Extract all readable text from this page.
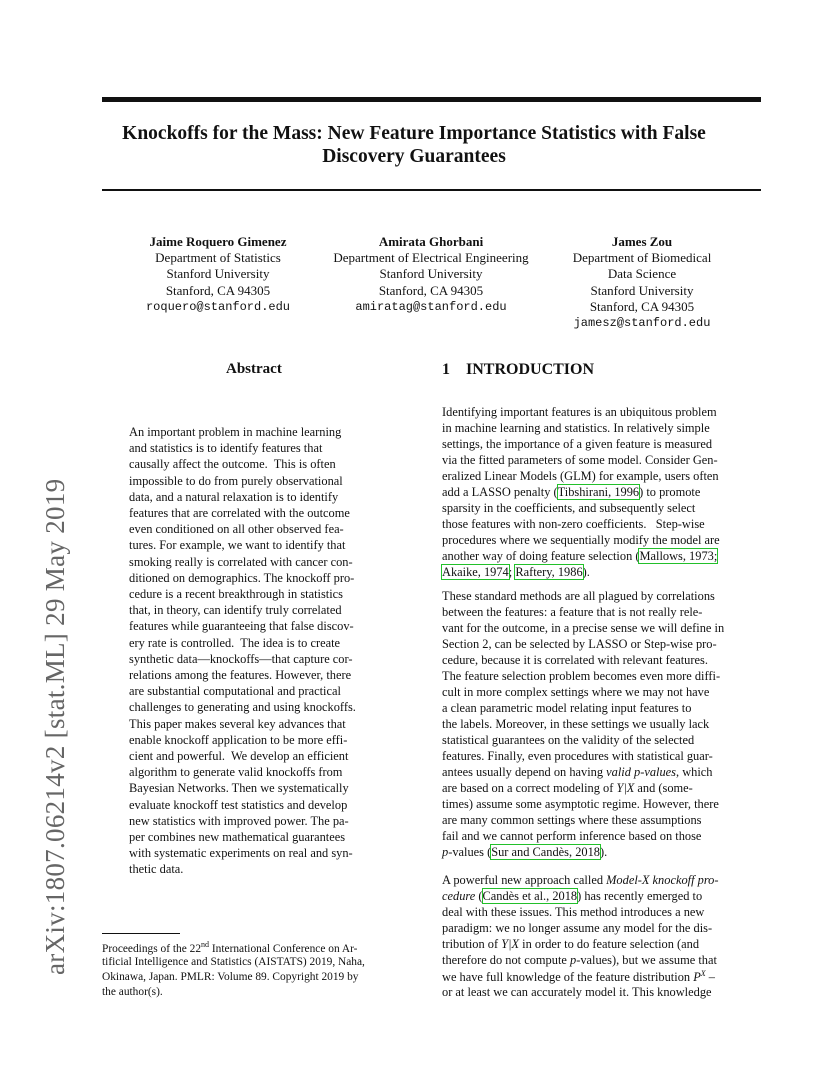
arXiv:1807.06214v2 [stat.ML] 29 May 2019
Knockoffs for the Mass: New Feature Importance Statistics with False
Discovery Guarantees
Jaime Roquero Gimenez
Department of Statistics
Stanford University
Stanford, CA 94305
roquero@stanford.edu
Amirata Ghorbani
Department of Electrical Engineering
Stanford University
Stanford, CA 94305
amiratag@stanford.edu
James Zou
Department of Biomedical
Data Science
Stanford University
Stanford, CA 94305
jamesz@stanford.edu
Abstract
An important problem in machine learning
and statistics is to identify features that
causally affect the outcome.  This is often
impossible to do from purely observational
data, and a natural relaxation is to identify
features that are correlated with the outcome
even conditioned on all other observed fea-
tures. For example, we want to identify that
smoking really is correlated with cancer con-
ditioned on demographics. The knockoff pro-
cedure is a recent breakthrough in statistics
that, in theory, can identify truly correlated
features while guaranteeing that false discov-
ery rate is controlled.  The idea is to create
synthetic data—knockoffs—that capture cor-
relations among the features. However, there
are substantial computational and practical
challenges to generating and using knockoffs.
This paper makes several key advances that
enable knockoff application to be more effi-
cient and powerful.  We develop an efficient
algorithm to generate valid knockoffs from
Bayesian Networks. Then we systematically
evaluate knockoff test statistics and develop
new statistics with improved power. The pa-
per combines new mathematical guarantees
with systematic experiments on real and syn-
thetic data.
Proceedings of the 22nd International Conference on Ar-
tificial Intelligence and Statistics (AISTATS) 2019, Naha,
Okinawa, Japan. PMLR: Volume 89. Copyright 2019 by
the author(s).
1    INTRODUCTION
Identifying important features is an ubiquitous problem
in machine learning and statistics. In relatively simple
settings, the importance of a given feature is measured
via the fitted parameters of some model. Consider Gen-
eralized Linear Models (GLM) for example, users often
add a LASSO penalty (Tibshirani, 1996) to promote
sparsity in the coefficients, and subsequently select
those features with non-zero coefficients.   Step-wise
procedures where we sequentially modify the model are
another way of doing feature selection (Mallows, 1973;
Akaike, 1974; Raftery, 1986).
These standard methods are all plagued by correlations
between the features: a feature that is not really rele-
vant for the outcome, in a precise sense we will define in
Section 2, can be selected by LASSO or Step-wise pro-
cedure, because it is correlated with relevant features.
The feature selection problem becomes even more diffi-
cult in more complex settings where we may not have
a clean parametric model relating input features to
the labels. Moreover, in these settings we usually lack
statistical guarantees on the validity of the selected
features. Finally, even procedures with statistical guar-
antees usually depend on having valid p-values, which
are based on a correct modeling of Y|X and (some-
times) assume some asymptotic regime. However, there
are many common settings where these assumptions
fail and we cannot perform inference based on those
p-values (Sur and Candès, 2018).
A powerful new approach called Model-X knockoff pro-
cedure (Candès et al., 2018) has recently emerged to
deal with these issues. This method introduces a new
paradigm: we no longer assume any model for the dis-
tribution of Y|X in order to do feature selection (and
therefore do not compute p-values), but we assume that
we have full knowledge of the feature distribution $P^X$ –
or at least we can accurately model it. This knowledge
